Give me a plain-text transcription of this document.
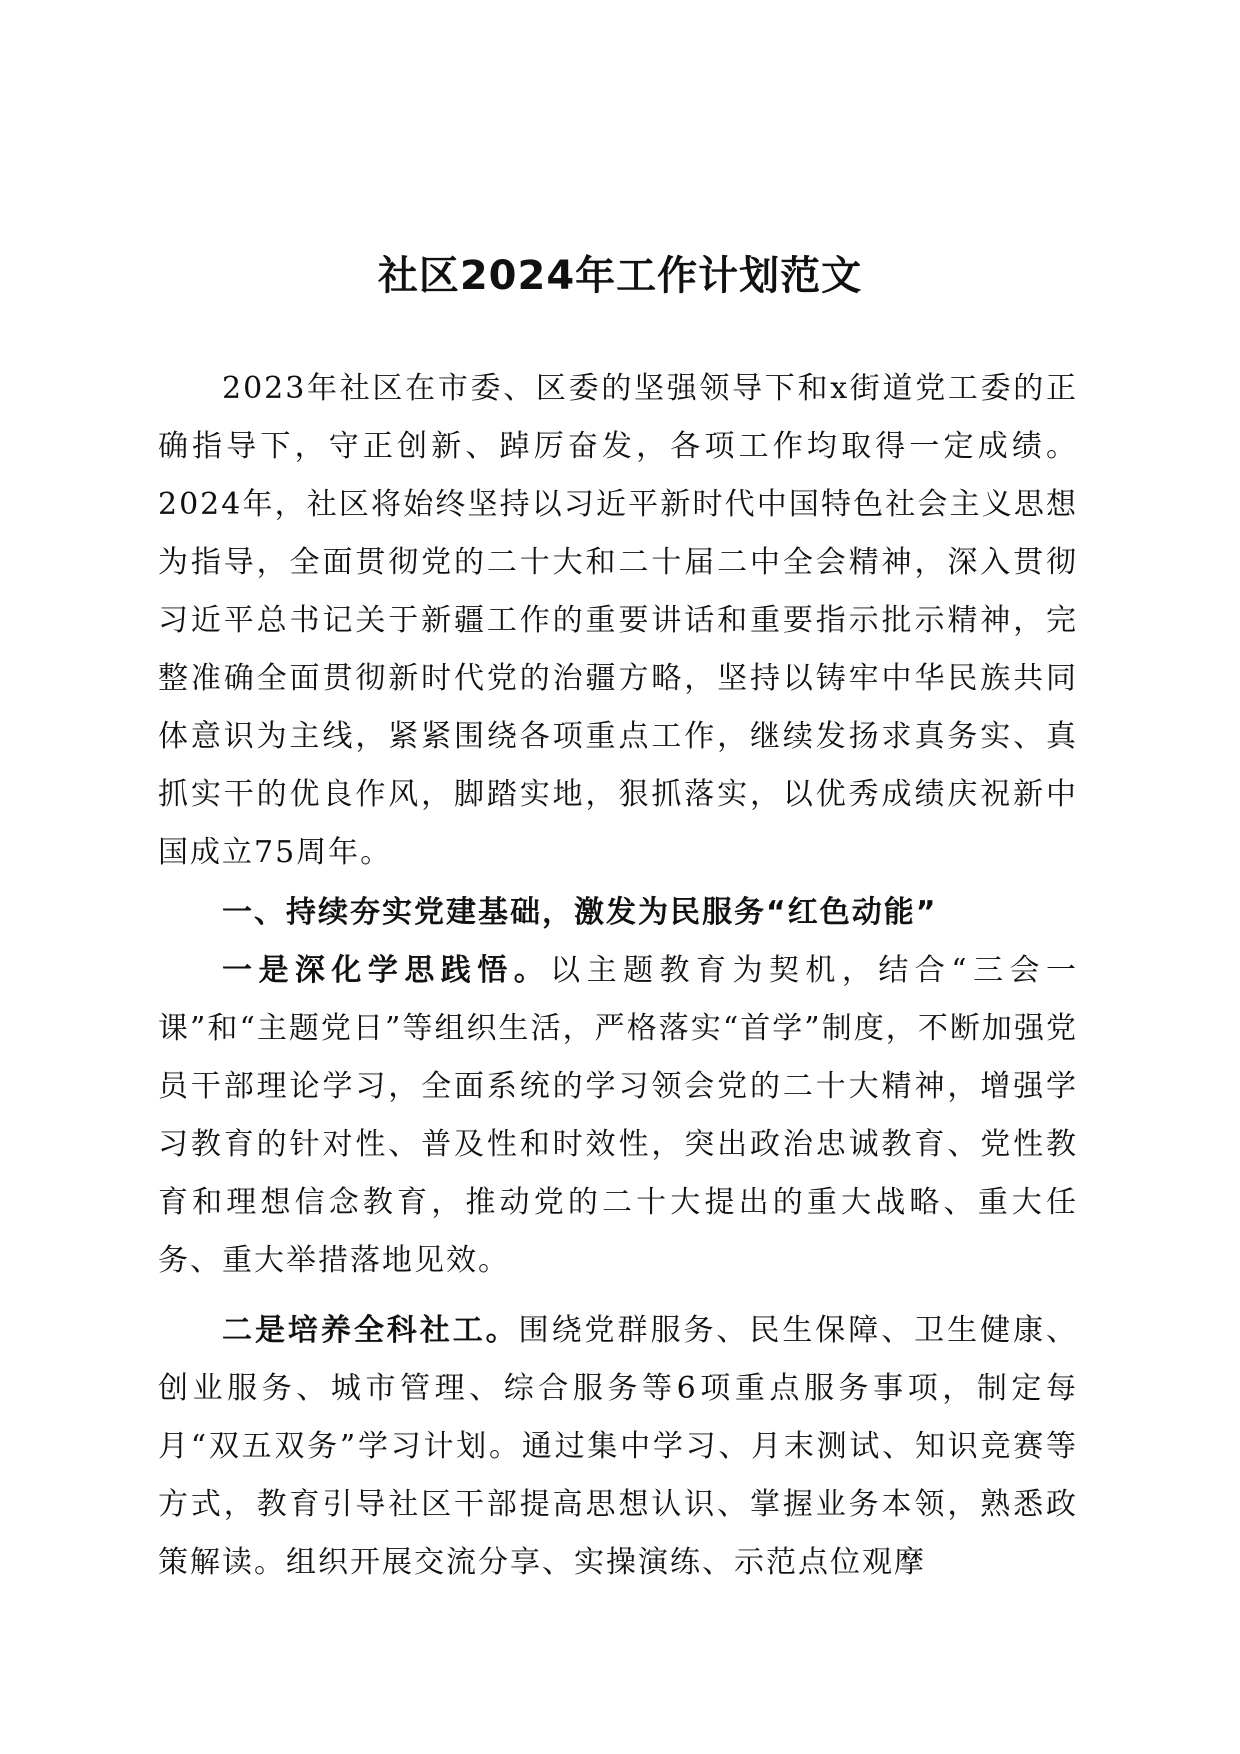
社区2024年工作计划范文

2023年社区在市委、区委的坚强领导下和x街道党工委的正确指导下，守正创新、踔厉奋发，各项工作均取得一定成绩。2024年，社区将始终坚持以习近平新时代中国特色社会主义思想为指导，全面贯彻党的二十大和二十届二中全会精神，深入贯彻习近平总书记关于新疆工作的重要讲话和重要指示批示精神，完整准确全面贯彻新时代党的治疆方略，坚持以铸牢中华民族共同体意识为主线，紧紧围绕各项重点工作，继续发扬求真务实、真抓实干的优良作风，脚踏实地，狠抓落实，以优秀成绩庆祝新中国成立75周年。

一、持续夯实党建基础，激发为民服务“红色动能”

一是深化学思践悟。以主题教育为契机，结合“三会一课”和“主题党日”等组织生活，严格落实“首学”制度，不断加强党员干部理论学习，全面系统的学习领会党的二十大精神，增强学习教育的针对性、普及性和时效性，突出政治忠诚教育、党性教育和理想信念教育，推动党的二十大提出的重大战略、重大任务、重大举措落地见效。

二是培养全科社工。围绕党群服务、民生保障、卫生健康、创业服务、城市管理、综合服务等6项重点服务事项，制定每月“双五双务”学习计划。通过集中学习、月末测试、知识竞赛等方式，教育引导社区干部提高思想认识、掌握业务本领，熟悉政策解读。组织开展交流分享、实操演练、示范点位观摩
